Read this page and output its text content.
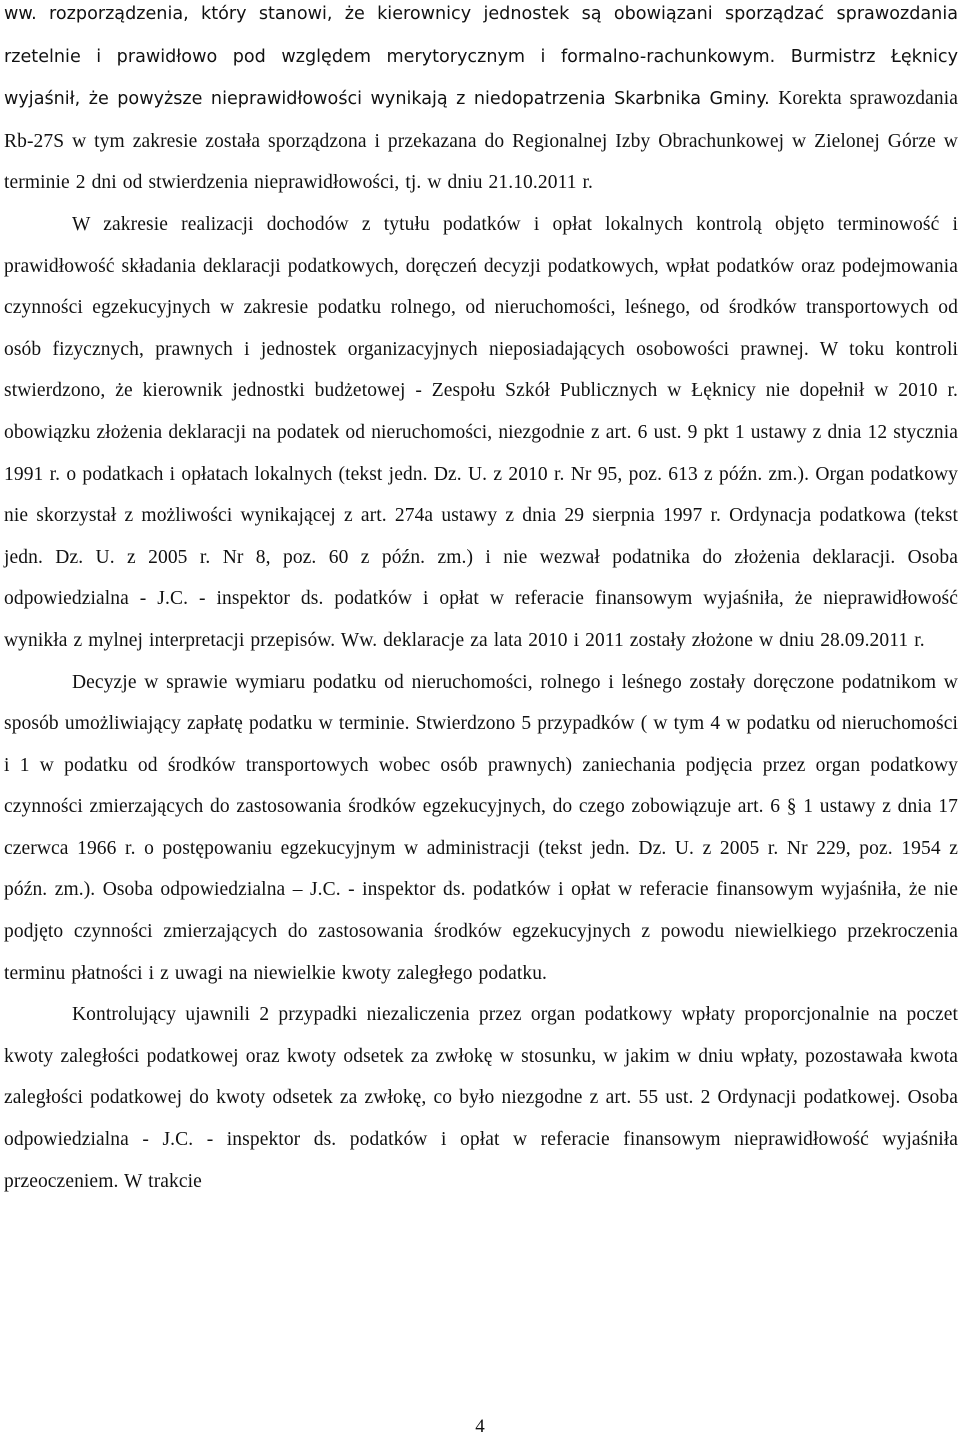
ww. rozporządzenia, który stanowi, że kierownicy jednostek są obowiązani sporządzać sprawozdania rzetelnie i prawidłowo pod względem merytorycznym i formalno-rachunkowym. Burmistrz Łęknicy wyjaśnił, że powyższe nieprawidłowości wynikają z niedopatrzenia Skarbnika Gminy. Korekta sprawozdania Rb-27S w tym zakresie została sporządzona i przekazana do Regionalnej Izby Obrachunkowej w Zielonej Górze w terminie 2 dni od stwierdzenia nieprawidłowości, tj. w dniu 21.10.2011 r.

W zakresie realizacji dochodów z tytułu podatków i opłat lokalnych kontrolą objęto terminowość i prawidłowość składania deklaracji podatkowych, doręczeń decyzji podatkowych, wpłat podatków oraz podejmowania czynności egzekucyjnych w zakresie podatku rolnego, od nieruchomości, leśnego, od środków transportowych od osób fizycznych, prawnych i jednostek organizacyjnych nieposiadających osobowości prawnej. W toku kontroli stwierdzono, że kierownik jednostki budżetowej - Zespołu Szkół Publicznych w Łęknicy nie dopełnił w 2010 r. obowiązku złożenia deklaracji na podatek od nieruchomości, niezgodnie z art. 6 ust. 9 pkt 1 ustawy z dnia 12 stycznia 1991 r. o podatkach i opłatach lokalnych (tekst jedn. Dz. U. z 2010 r. Nr 95, poz. 613 z późn. zm.). Organ podatkowy nie skorzystał z możliwości wynikającej z art. 274a ustawy z dnia 29 sierpnia 1997 r. Ordynacja podatkowa (tekst jedn. Dz. U. z 2005 r. Nr 8, poz. 60 z późn. zm.) i nie wezwał podatnika do złożenia deklaracji. Osoba odpowiedzialna - J.C. - inspektor ds. podatków i opłat w referacie finansowym wyjaśniła, że nieprawidłowość wynikła z mylnej interpretacji przepisów. Ww. deklaracje za lata 2010 i 2011 zostały złożone w dniu 28.09.2011 r.

Decyzje w sprawie wymiaru podatku od nieruchomości, rolnego i leśnego zostały doręczone podatnikom w sposób umożliwiający zapłatę podatku w terminie. Stwierdzono 5 przypadków ( w tym 4 w podatku od nieruchomości i 1 w podatku od środków transportowych wobec osób prawnych) zaniechania podjęcia przez organ podatkowy czynności zmierzających do zastosowania środków egzekucyjnych, do czego zobowiązuje art. 6 § 1 ustawy z dnia 17 czerwca 1966 r. o postępowaniu egzekucyjnym w administracji (tekst jedn. Dz. U. z 2005 r. Nr 229, poz. 1954 z późn. zm.). Osoba odpowiedzialna – J.C. - inspektor ds. podatków i opłat w referacie finansowym wyjaśniła, że nie podjęto czynności zmierzających do zastosowania środków egzekucyjnych z powodu niewielkiego przekroczenia terminu płatności i z uwagi na niewielkie kwoty zaległego podatku.

Kontrolujący ujawnili 2 przypadki niezaliczenia przez organ podatkowy wpłaty proporcjonalnie na poczet kwoty zaległości podatkowej oraz kwoty odsetek za zwłokę w stosunku, w jakim w dniu wpłaty, pozostawała kwota zaległości podatkowej do kwoty odsetek za zwłokę, co było niezgodne z art. 55 ust. 2 Ordynacji podatkowej. Osoba odpowiedzialna - J.C. - inspektor ds. podatków i opłat w referacie finansowym nieprawidłowość wyjaśniła przeoczeniem. W trakcie

4
